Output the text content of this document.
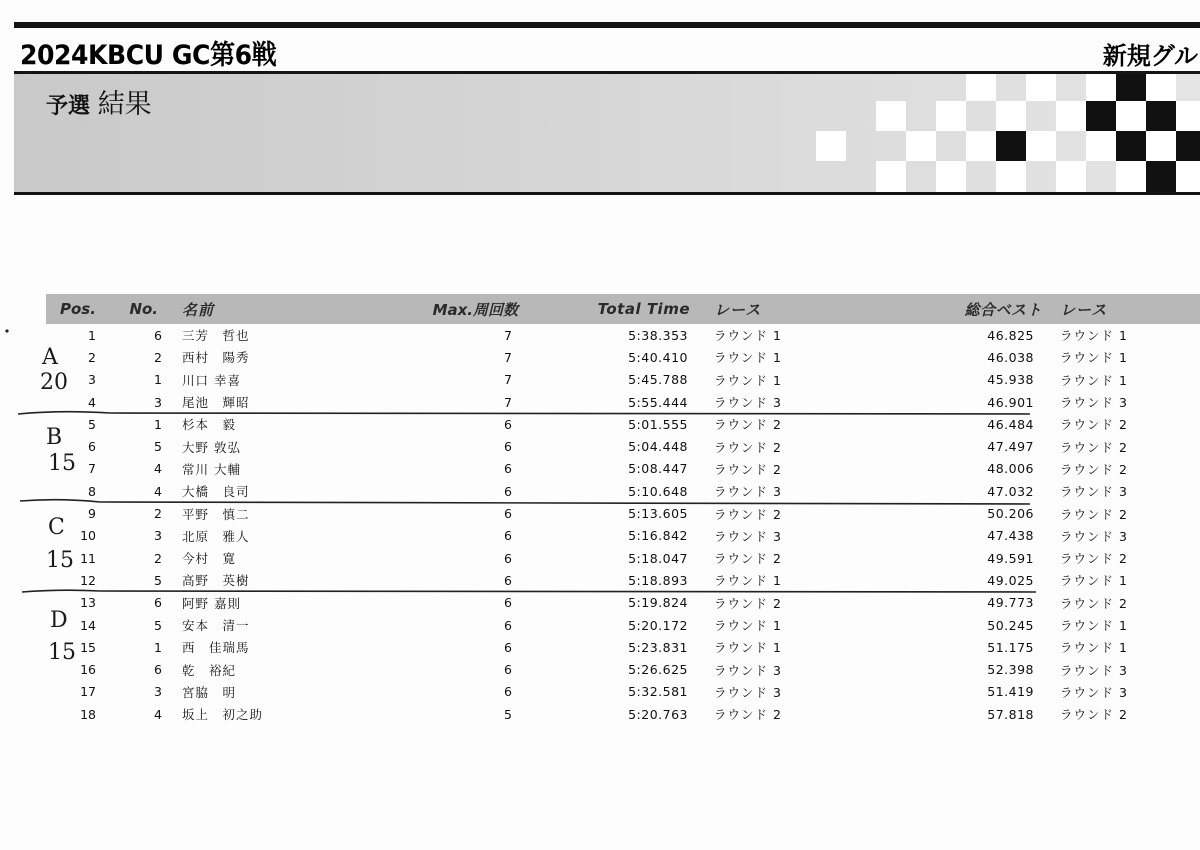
2024KBCU GC第6戦	新規グル
予選 結果
Pos.	No.	名前	Max.周回数	Total Time	レース	総合ベスト	レース
1	6	三芳　哲也	7	5:38.353	ラウンド 1	46.825	ラウンド 1
2	2	西村　陽秀	7	5:40.410	ラウンド 1	46.038	ラウンド 1
3	1	川口 幸喜	7	5:45.788	ラウンド 1	45.938	ラウンド 1
4	3	尾池　輝昭	7	5:55.444	ラウンド 3	46.901	ラウンド 3
5	1	杉本　毅	6	5:01.555	ラウンド 2	46.484	ラウンド 2
6	5	大野 敦弘	6	5:04.448	ラウンド 2	47.497	ラウンド 2
7	4	常川 大輔	6	5:08.447	ラウンド 2	48.006	ラウンド 2
8	4	大橋　良司	6	5:10.648	ラウンド 3	47.032	ラウンド 3
9	2	平野　慎二	6	5:13.605	ラウンド 2	50.206	ラウンド 2
10	3	北原　雅人	6	5:16.842	ラウンド 3	47.438	ラウンド 3
11	2	今村　寛	6	5:18.047	ラウンド 2	49.591	ラウンド 2
12	5	高野　英樹	6	5:18.893	ラウンド 1	49.025	ラウンド 1
13	6	阿野 嘉則	6	5:19.824	ラウンド 2	49.773	ラウンド 2
14	5	安本　清一	6	5:20.172	ラウンド 1	50.245	ラウンド 1
15	1	西　佳瑞馬	6	5:23.831	ラウンド 1	51.175	ラウンド 1
16	6	乾　裕紀	6	5:26.625	ラウンド 3	52.398	ラウンド 3
17	3	宮脇　明	6	5:32.581	ラウンド 3	51.419	ラウンド 3
18	4	坂上　初之助	5	5:20.763	ラウンド 2	57.818	ラウンド 2
A
20
B
15
C
15
D
15
